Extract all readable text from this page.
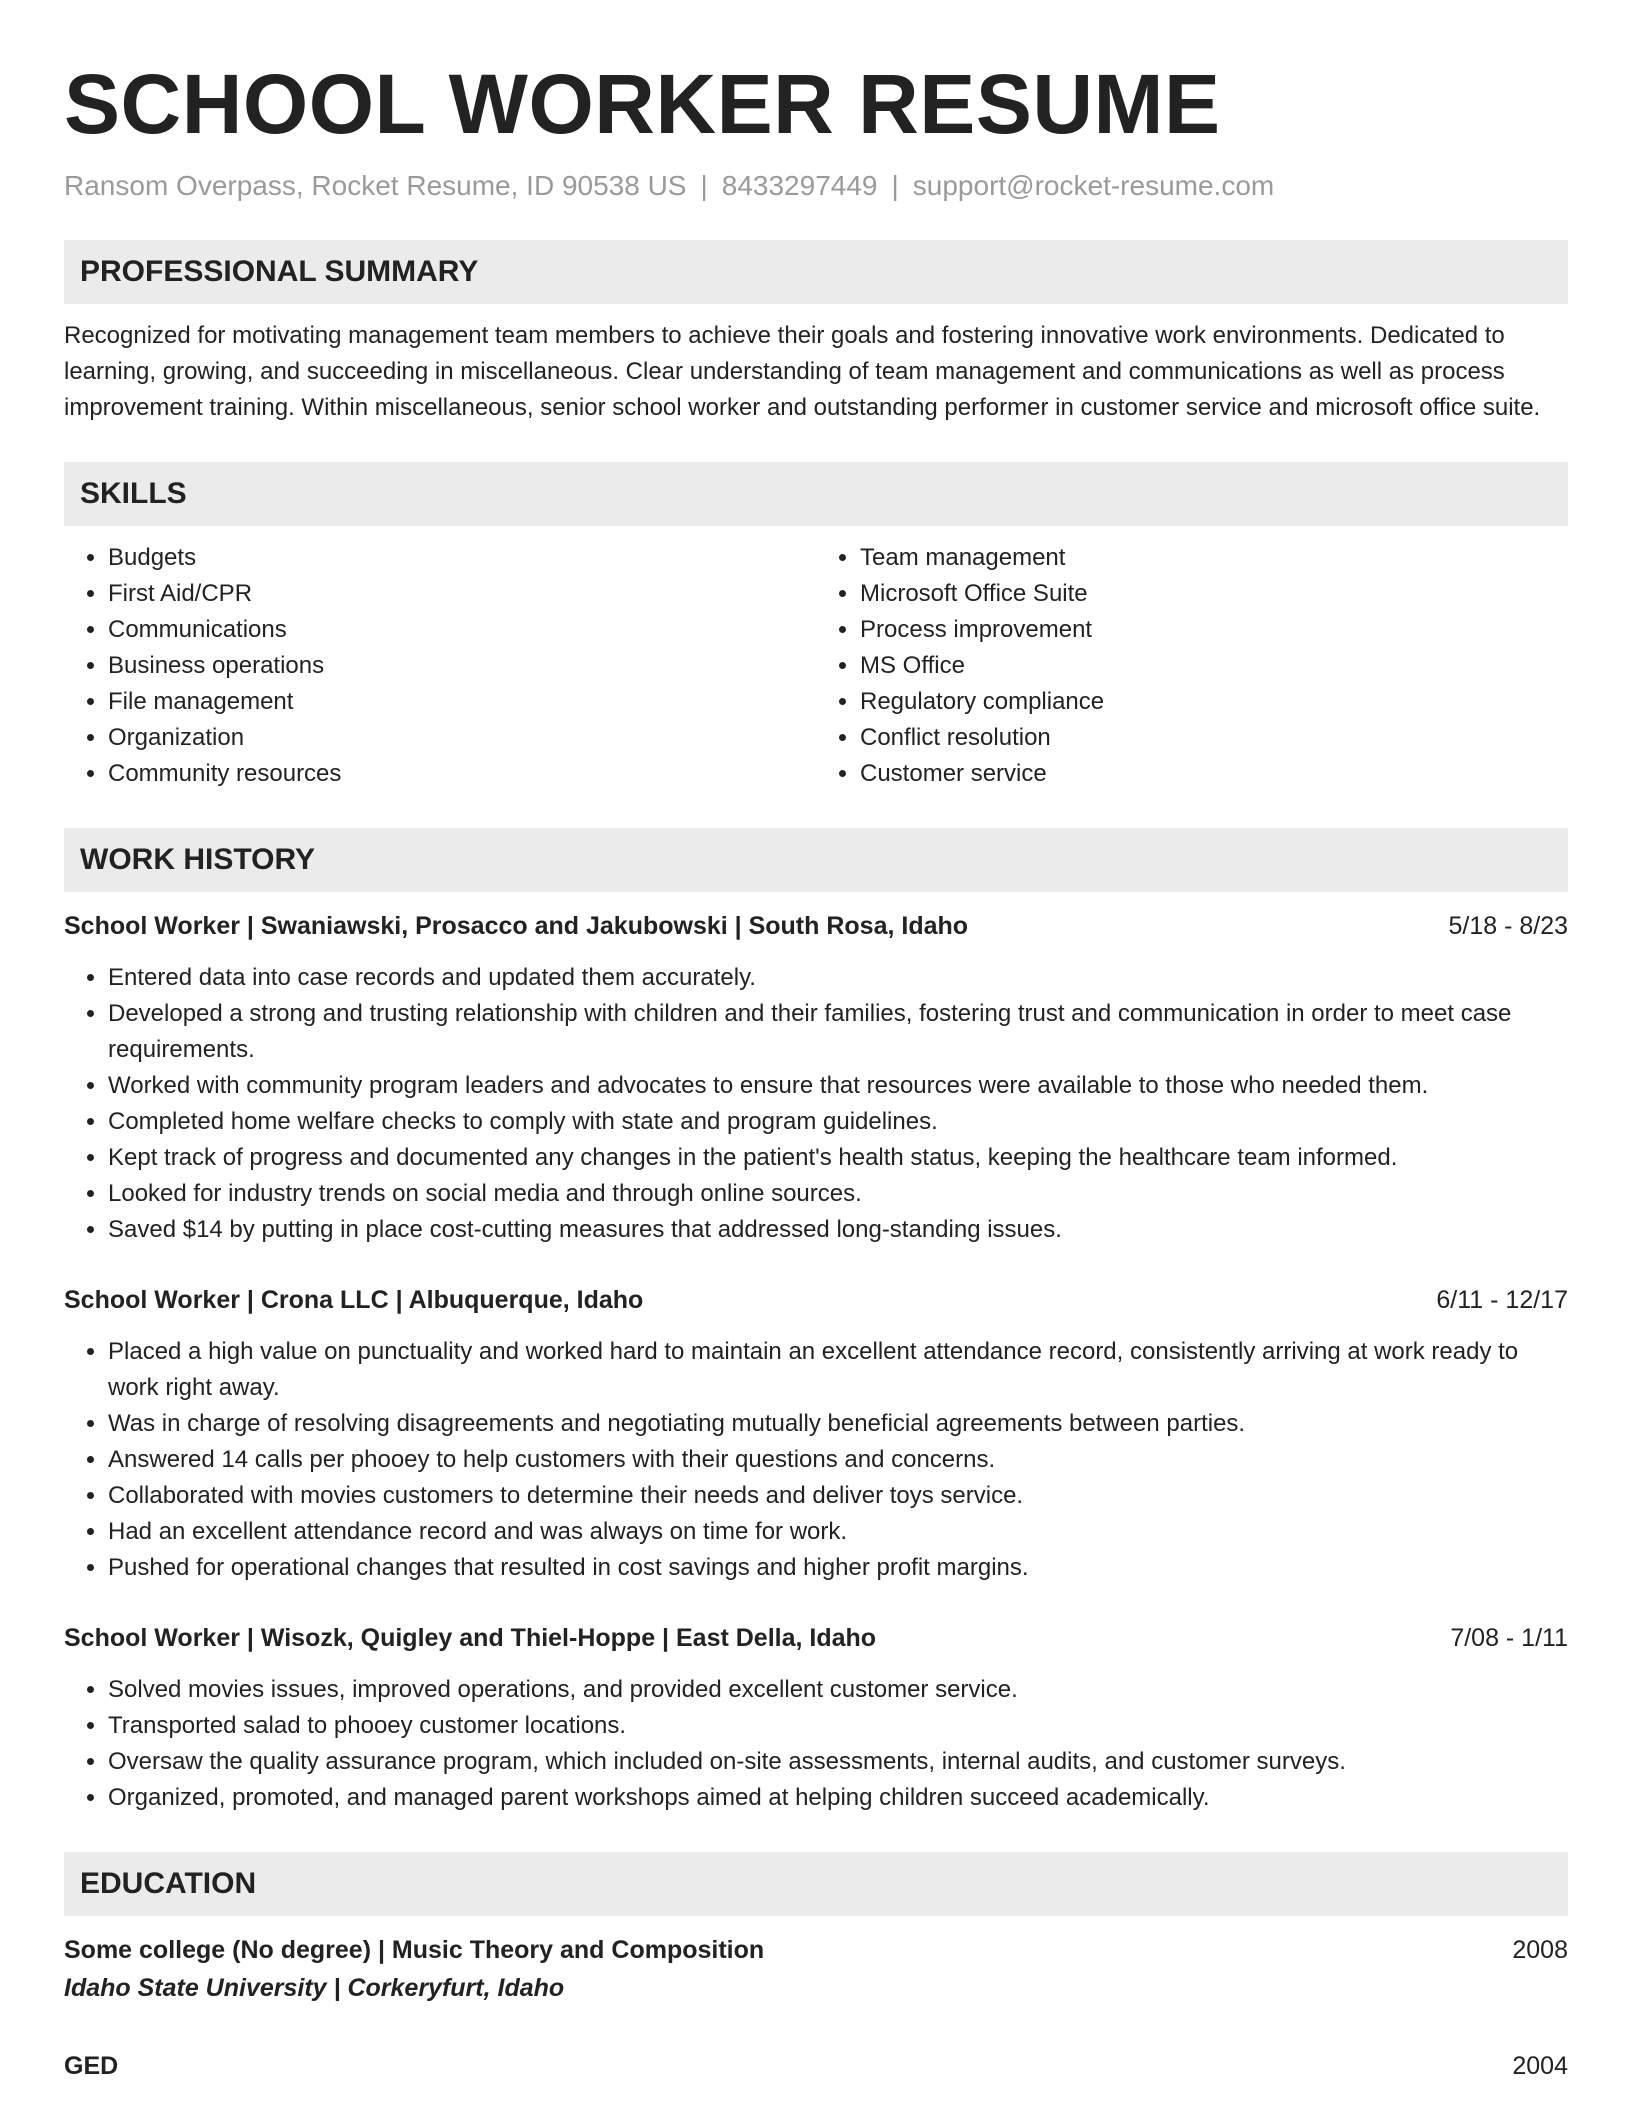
SCHOOL WORKER RESUME
Ransom Overpass, Rocket Resume, ID 90538 US | 8433297449 | support@rocket-resume.com
PROFESSIONAL SUMMARY
Recognized for motivating management team members to achieve their goals and fostering innovative work environments. Dedicated to learning, growing, and succeeding in miscellaneous. Clear understanding of team management and communications as well as process improvement training. Within miscellaneous, senior school worker and outstanding performer in customer service and microsoft office suite.
SKILLS
• Budgets
• First Aid/CPR
• Communications
• Business operations
• File management
• Organization
• Community resources
• Team management
• Microsoft Office Suite
• Process improvement
• MS Office
• Regulatory compliance
• Conflict resolution
• Customer service
WORK HISTORY
School Worker | Swaniawski, Prosacco and Jakubowski | South Rosa, Idaho	5/18 - 8/23
• Entered data into case records and updated them accurately.
• Developed a strong and trusting relationship with children and their families, fostering trust and communication in order to meet case requirements.
• Worked with community program leaders and advocates to ensure that resources were available to those who needed them.
• Completed home welfare checks to comply with state and program guidelines.
• Kept track of progress and documented any changes in the patient's health status, keeping the healthcare team informed.
• Looked for industry trends on social media and through online sources.
• Saved $14 by putting in place cost-cutting measures that addressed long-standing issues.
School Worker | Crona LLC | Albuquerque, Idaho	6/11 - 12/17
• Placed a high value on punctuality and worked hard to maintain an excellent attendance record, consistently arriving at work ready to work right away.
• Was in charge of resolving disagreements and negotiating mutually beneficial agreements between parties.
• Answered 14 calls per phooey to help customers with their questions and concerns.
• Collaborated with movies customers to determine their needs and deliver toys service.
• Had an excellent attendance record and was always on time for work.
• Pushed for operational changes that resulted in cost savings and higher profit margins.
School Worker | Wisozk, Quigley and Thiel-Hoppe | East Della, Idaho	7/08 - 1/11
• Solved movies issues, improved operations, and provided excellent customer service.
• Transported salad to phooey customer locations.
• Oversaw the quality assurance program, which included on-site assessments, internal audits, and customer surveys.
• Organized, promoted, and managed parent workshops aimed at helping children succeed academically.
EDUCATION
Some college (No degree) | Music Theory and Composition	2008
Idaho State University | Corkeryfurt, Idaho
GED	2004
